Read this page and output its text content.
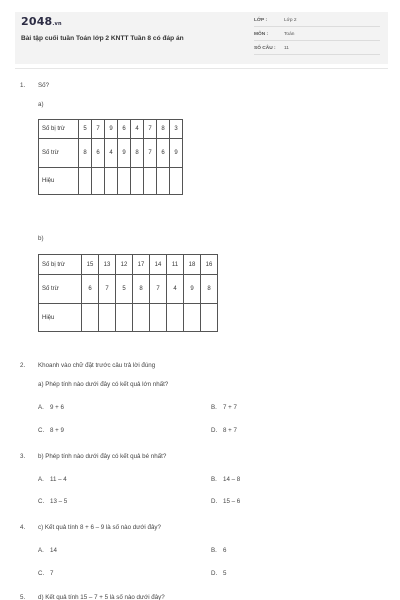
2048.vn
Bài tập cuối tuần Toán lớp 2 KNTT Tuần 8 có đáp án
LỚP :	Lớp 2
MÔN :	Toán
SỐ CÂU : 11
1. Số?
a)
Số bị trừ	5	7	9	6	4	7	8	3
Số trừ	8	6	4	9	8	7	6	9
Hiệu								
b)
Số bị trừ	15	13	12	17	14	11	18	16
Số trừ	6	7	5	8	7	4	9	8
Hiệu								
2. Khoanh vào chữ đặt trước câu trả lời đúng
a) Phép tính nào dưới đây có kết quả lớn nhất?
A. 9 + 6	B. 7 + 7
C. 8 + 9	D. 8 + 7
3. b) Phép tính nào dưới đây có kết quả bé nhất?
A. 11 – 4	B. 14 – 8
C. 13 – 5	D. 15 – 6
4. c) Kết quả tính 8 + 6 – 9 là số nào dưới đây?
A. 14	B. 6
C. 7	D. 5
5. d) Kết quả tính 15 – 7 + 5 là số nào dưới đây?
